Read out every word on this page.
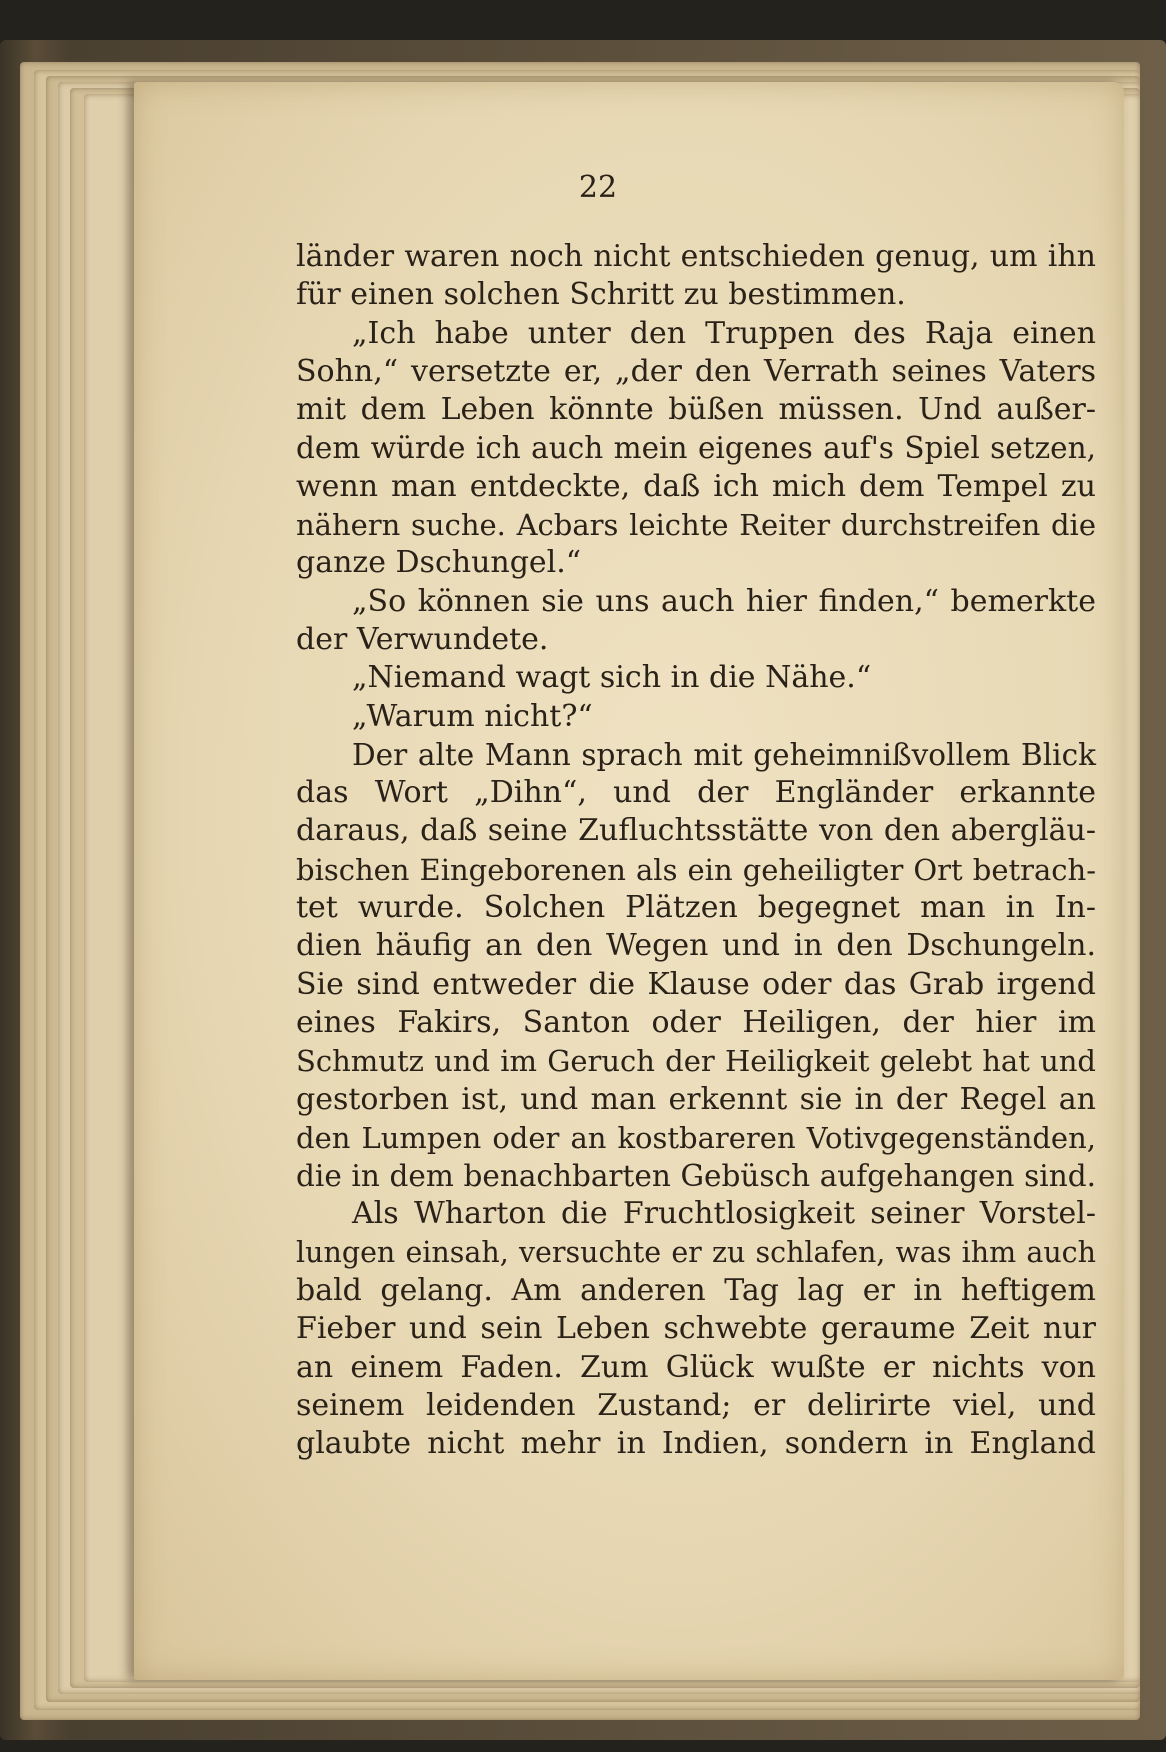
22
länder waren noch nicht entschieden genug, um ihn
für einen solchen Schritt zu bestimmen.
„Ich habe unter den Truppen des Raja einen
Sohn,“ versetzte er, „der den Verrath seines Vaters
mit dem Leben könnte büßen müssen. Und außer-
dem würde ich auch mein eigenes auf's Spiel setzen,
wenn man entdeckte, daß ich mich dem Tempel zu
nähern suche. Acbars leichte Reiter durchstreifen die
ganze Dschungel.“
„So können sie uns auch hier finden,“ bemerkte
der Verwundete.
„Niemand wagt sich in die Nähe.“
„Warum nicht?“
Der alte Mann sprach mit geheimnißvollem Blick
das Wort „Dihn“, und der Engländer erkannte
daraus, daß seine Zufluchtsstätte von den abergläu-
bischen Eingeborenen als ein geheiligter Ort betrach-
tet wurde. Solchen Plätzen begegnet man in In-
dien häufig an den Wegen und in den Dschungeln.
Sie sind entweder die Klause oder das Grab irgend
eines Fakirs, Santon oder Heiligen, der hier im
Schmutz und im Geruch der Heiligkeit gelebt hat und
gestorben ist, und man erkennt sie in der Regel an
den Lumpen oder an kostbareren Votivgegenständen,
die in dem benachbarten Gebüsch aufgehangen sind.
Als Wharton die Fruchtlosigkeit seiner Vorstel-
lungen einsah, versuchte er zu schlafen, was ihm auch
bald gelang. Am anderen Tag lag er in heftigem
Fieber und sein Leben schwebte geraume Zeit nur
an einem Faden. Zum Glück wußte er nichts von
seinem leidenden Zustand; er delirirte viel, und
glaubte nicht mehr in Indien, sondern in England
